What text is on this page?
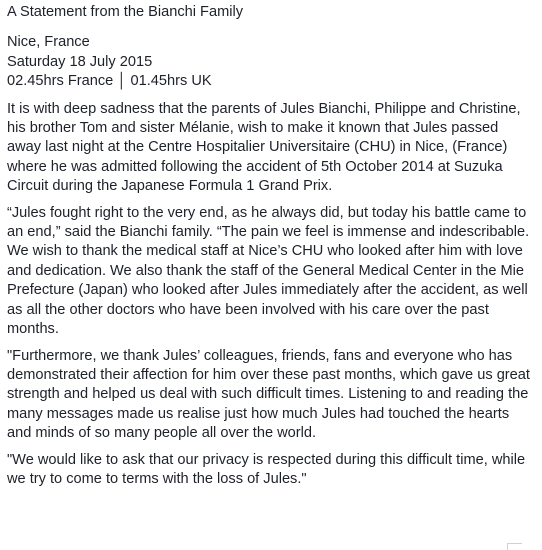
A Statement from the Bianchi Family
Nice, France
Saturday 18 July 2015
02.45hrs France │ 01.45hrs UK

It is with deep sadness that the parents of Jules Bianchi, Philippe and Christine, his brother Tom and sister Mélanie, wish to make it known that Jules passed away last night at the Centre Hospitalier Universitaire (CHU) in Nice, (France) where he was admitted following the accident of 5th October 2014 at Suzuka Circuit during the Japanese Formula 1 Grand Prix.

“Jules fought right to the very end, as he always did, but today his battle came to an end,” said the Bianchi family. “The pain we feel is immense and indescribable. We wish to thank the medical staff at Nice’s CHU who looked after him with love and dedication. We also thank the staff of the General Medical Center in the Mie Prefecture (Japan) who looked after Jules immediately after the accident, as well as all the other doctors who have been involved with his care over the past months.

"Furthermore, we thank Jules’ colleagues, friends, fans and everyone who has demonstrated their affection for him over these past months, which gave us great strength and helped us deal with such difficult times. Listening to and reading the many messages made us realise just how much Jules had touched the hearts and minds of so many people all over the world.

"We would like to ask that our privacy is respected during this difficult time, while we try to come to terms with the loss of Jules."
